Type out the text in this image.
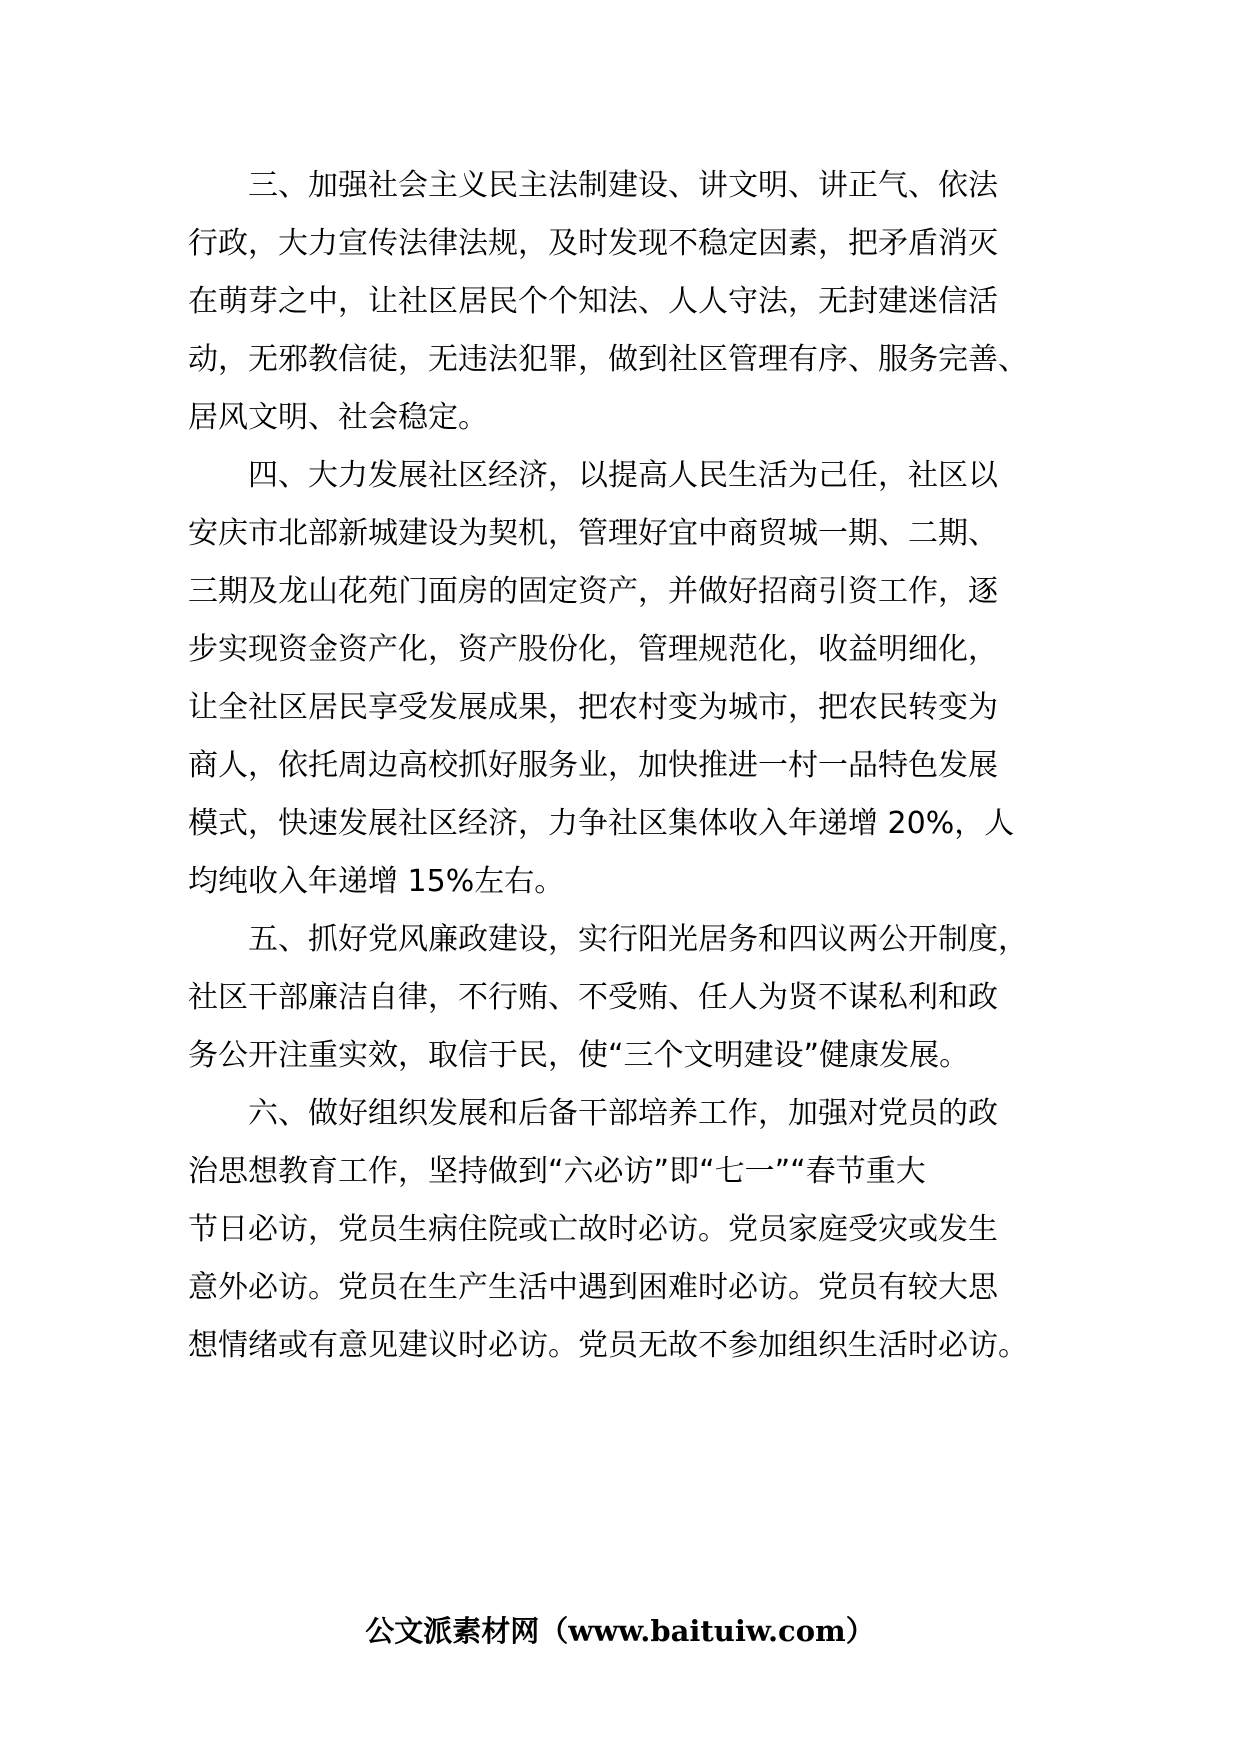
　　三、加强社会主义民主法制建设、讲文明、讲正气、依法

行政，大力宣传法律法规，及时发现不稳定因素，把矛盾消灭

在萌芽之中，让社区居民个个知法、人人守法，无封建迷信活

动，无邪教信徒，无违法犯罪，做到社区管理有序、服务完善、

居风文明、社会稳定。

　　四、大力发展社区经济，以提高人民生活为己任，社区以

安庆市北部新城建设为契机，管理好宜中商贸城一期、二期、

三期及龙山花苑门面房的固定资产，并做好招商引资工作，逐

步实现资金资产化，资产股份化，管理规范化，收益明细化，

让全社区居民享受发展成果，把农村变为城市，把农民转变为

商人，依托周边高校抓好服务业，加快推进一村一品特色发展

模式，快速发展社区经济，力争社区集体收入年递增 20%，人

均纯收入年递增 15%左右。

　　五、抓好党风廉政建设，实行阳光居务和四议两公开制度，

社区干部廉洁自律，不行贿、不受贿、任人为贤不谋私利和政

务公开注重实效，取信于民，使“三个文明建设”健康发展。

　　六、做好组织发展和后备干部培养工作，加强对党员的政

治思想教育工作，坚持做到“六必访”即“七一”“春节重大

节日必访，党员生病住院或亡故时必访。党员家庭受灾或发生

意外必访。党员在生产生活中遇到困难时必访。党员有较大思

想情绪或有意见建议时必访。党员无故不参加组织生活时必访。

公文派素材网（www.baituiw.com）
